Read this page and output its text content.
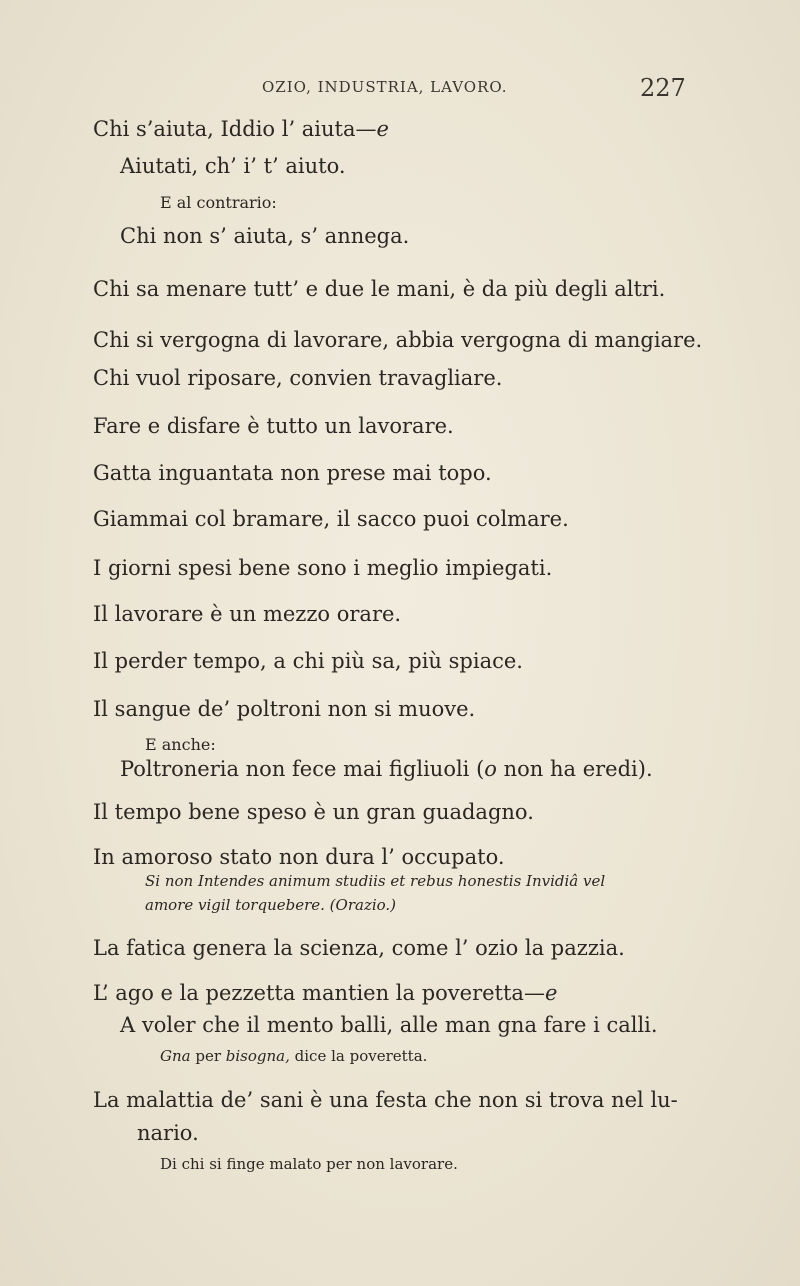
OZIO, INDUSTRIA, LAVORO.	227
Chi s’aiuta, Iddio l’ aiuta—e
Aiutati, ch’ i’ t’ aiuto.
E al contrario:
Chi non s’ aiuta, s’ annega.
Chi sa menare tutt’ e due le mani, è da più degli altri.
Chi si vergogna di lavorare, abbia vergogna di mangiare.
Chi vuol riposare, convien travagliare.
Fare e disfare è tutto un lavorare.
Gatta inguantata non prese mai topo.
Giammai col bramare, il sacco puoi colmare.
I giorni spesi bene sono i meglio impiegati.
Il lavorare è un mezzo orare.
Il perder tempo, a chi più sa, più spiace.
Il sangue de’ poltroni non si muove.
E anche:
Poltroneria non fece mai figliuoli (o non ha eredi).
Il tempo bene speso è un gran guadagno.
In amoroso stato non dura l’ occupato.
Si non Intendes animum studiis et rebus honestis Invidiâ vel
amore vigil torquebere. (Orazio.)
La fatica genera la scienza, come l’ ozio la pazzia.
L’ ago e la pezzetta mantien la poveretta—e
A voler che il mento balli, alle man gna fare i calli.
Gna per bisogna, dice la poveretta.
La malattia de’ sani è una festa che non si trova nel lu-
nario.
Di chi si finge malato per non lavorare.
